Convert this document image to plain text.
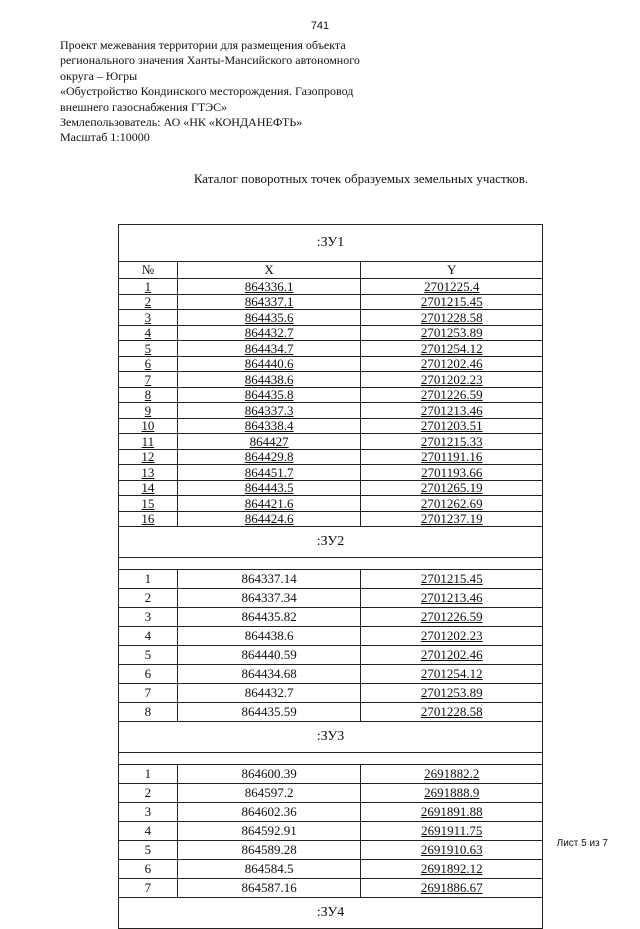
741
Проект межевания территории для размещения объекта
регионального значения Ханты-Мансийского автономного
округа – Югры
«Обустройство Кондинского месторождения. Газопровод
внешнего газоснабжения ГТЭС»
Землепользователь: АО «НК «КОНДАНЕФТЬ»
Масштаб 1:10000
Каталог поворотных точек образуемых земельных участков.
:ЗУ1		
№	X	Y
1	864336.1	2701225.4
2	864337.1	2701215.45
3	864435.6	2701228.58
4	864432.7	2701253.89
5	864434.7	2701254.12
6	864440.6	2701202.46
7	864438.6	2701202.23
8	864435.8	2701226.59
9	864337.3	2701213.46
10	864338.4	2701203.51
11	864427	2701215.33
12	864429.8	2701191.16
13	864451.7	2701193.66
14	864443.5	2701265.19
15	864421.6	2701262.69
16	864424.6	2701237.19
:ЗУ2		

1	864337.14	2701215.45
2	864337.34	2701213.46
3	864435.82	2701226.59
4	864438.6	2701202.23
5	864440.59	2701202.46
6	864434.68	2701254.12
7	864432.7	2701253.89
8	864435.59	2701228.58
:ЗУ3		

1	864600.39	2691882.2
2	864597.2	2691888.9
3	864602.36	2691891.88
4	864592.91	2691911.75
5	864589.28	2691910.63
6	864584.5	2691892.12
7	864587.16	2691886.67
:ЗУ4		
Лист 5 из 7
